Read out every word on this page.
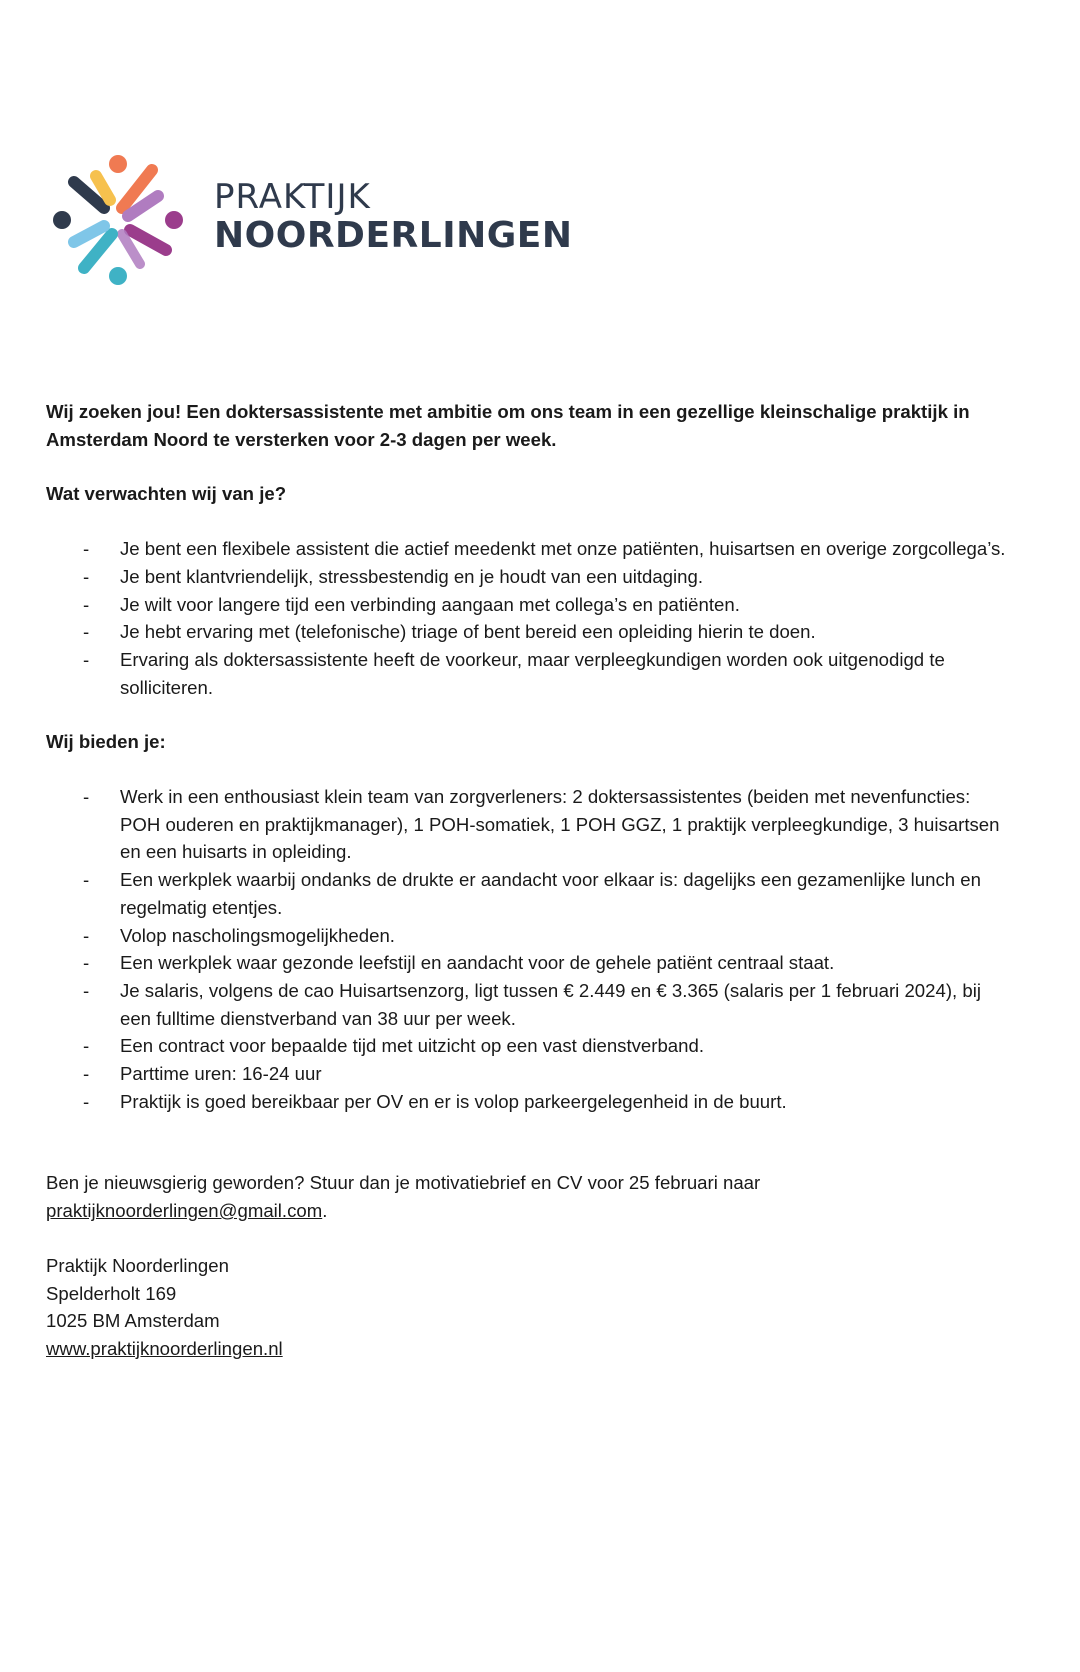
PRAKTIJK
NOORDERLINGEN

Wij zoeken jou! Een doktersassistente met ambitie om ons team in een gezellige kleinschalige praktijk in Amsterdam Noord te versterken voor 2-3 dagen per week.

Wat verwachten wij van je?

- Je bent een flexibele assistent die actief meedenkt met onze patiënten, huisartsen en overige zorgcollega’s.
- Je bent klantvriendelijk, stressbestendig en je houdt van een uitdaging.
- Je wilt voor langere tijd een verbinding aangaan met collega’s en patiënten.
- Je hebt ervaring met (telefonische) triage of bent bereid een opleiding hierin te doen.
- Ervaring als doktersassistente heeft de voorkeur, maar verpleegkundigen worden ook uitgenodigd te solliciteren.

Wij bieden je:

- Werk in een enthousiast klein team van zorgverleners: 2 doktersassistentes (beiden met nevenfuncties: POH ouderen en praktijkmanager), 1 POH-somatiek, 1 POH GGZ, 1 praktijk verpleegkundige, 3 huisartsen en een huisarts in opleiding.
- Een werkplek waarbij ondanks de drukte er aandacht voor elkaar is: dagelijks een gezamenlijke lunch en regelmatig etentjes.
- Volop nascholingsmogelijkheden.
- Een werkplek waar gezonde leefstijl en aandacht voor de gehele patiënt centraal staat.
- Je salaris, volgens de cao Huisartsenzorg, ligt tussen € 2.449 en € 3.365 (salaris per 1 februari 2024), bij een fulltime dienstverband van 38 uur per week.
- Een contract voor bepaalde tijd met uitzicht op een vast dienstverband.
- Parttime uren: 16-24 uur
- Praktijk is goed bereikbaar per OV en er is volop parkeergelegenheid in de buurt.

Ben je nieuwsgierig geworden? Stuur dan je motivatiebrief en CV voor 25 februari naar
praktijknoorderlingen@gmail.com.

Praktijk Noorderlingen

Spelderholt 169

1025 BM Amsterdam

www.praktijknoorderlingen.nl
